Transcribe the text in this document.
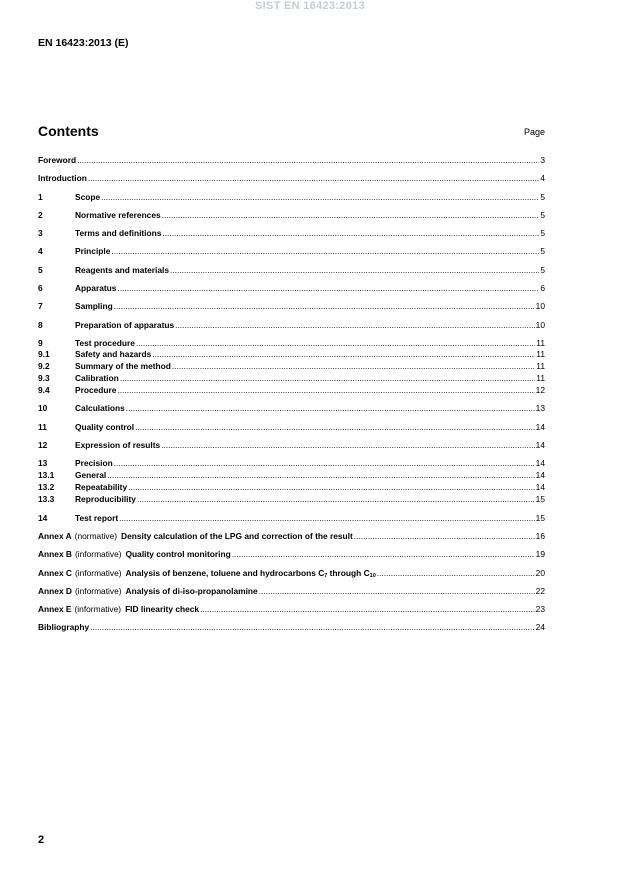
SIST EN 16423:2013
EN 16423:2013 (E)
Contents	Page
Foreword .....	3
Introduction .....	4
1	Scope .....	5
2	Normative references .....	5
3	Terms and definitions .....	5
4	Principle .....	5
5	Reagents and materials .....	5
6	Apparatus .....	6
7	Sampling .....	10
8	Preparation of apparatus .....	10
9	Test procedure .....	11
9.1	Safety and hazards .....	11
9.2	Summary of the method .....	11
9.3	Calibration .....	11
9.4	Procedure .....	12
10	Calculations .....	13
11	Quality control .....	14
12	Expression of results .....	14
13	Precision .....	14
13.1	General .....	14
13.2	Repeatability .....	14
13.3	Reproducibility .....	15
14	Test report .....	15
Annex A (normative) Density calculation of the LPG and correction of the result .....	16
Annex B (informative) Quality control monitoring .....	19
Annex C (informative) Analysis of benzene, toluene and hydrocarbons $C_7$ through $C_{10}$ .....	20
Annex D (informative) Analysis of di-iso-propanolamine .....	22
Annex E (informative) FID linearity check .....	23
Bibliography .....	24
2
